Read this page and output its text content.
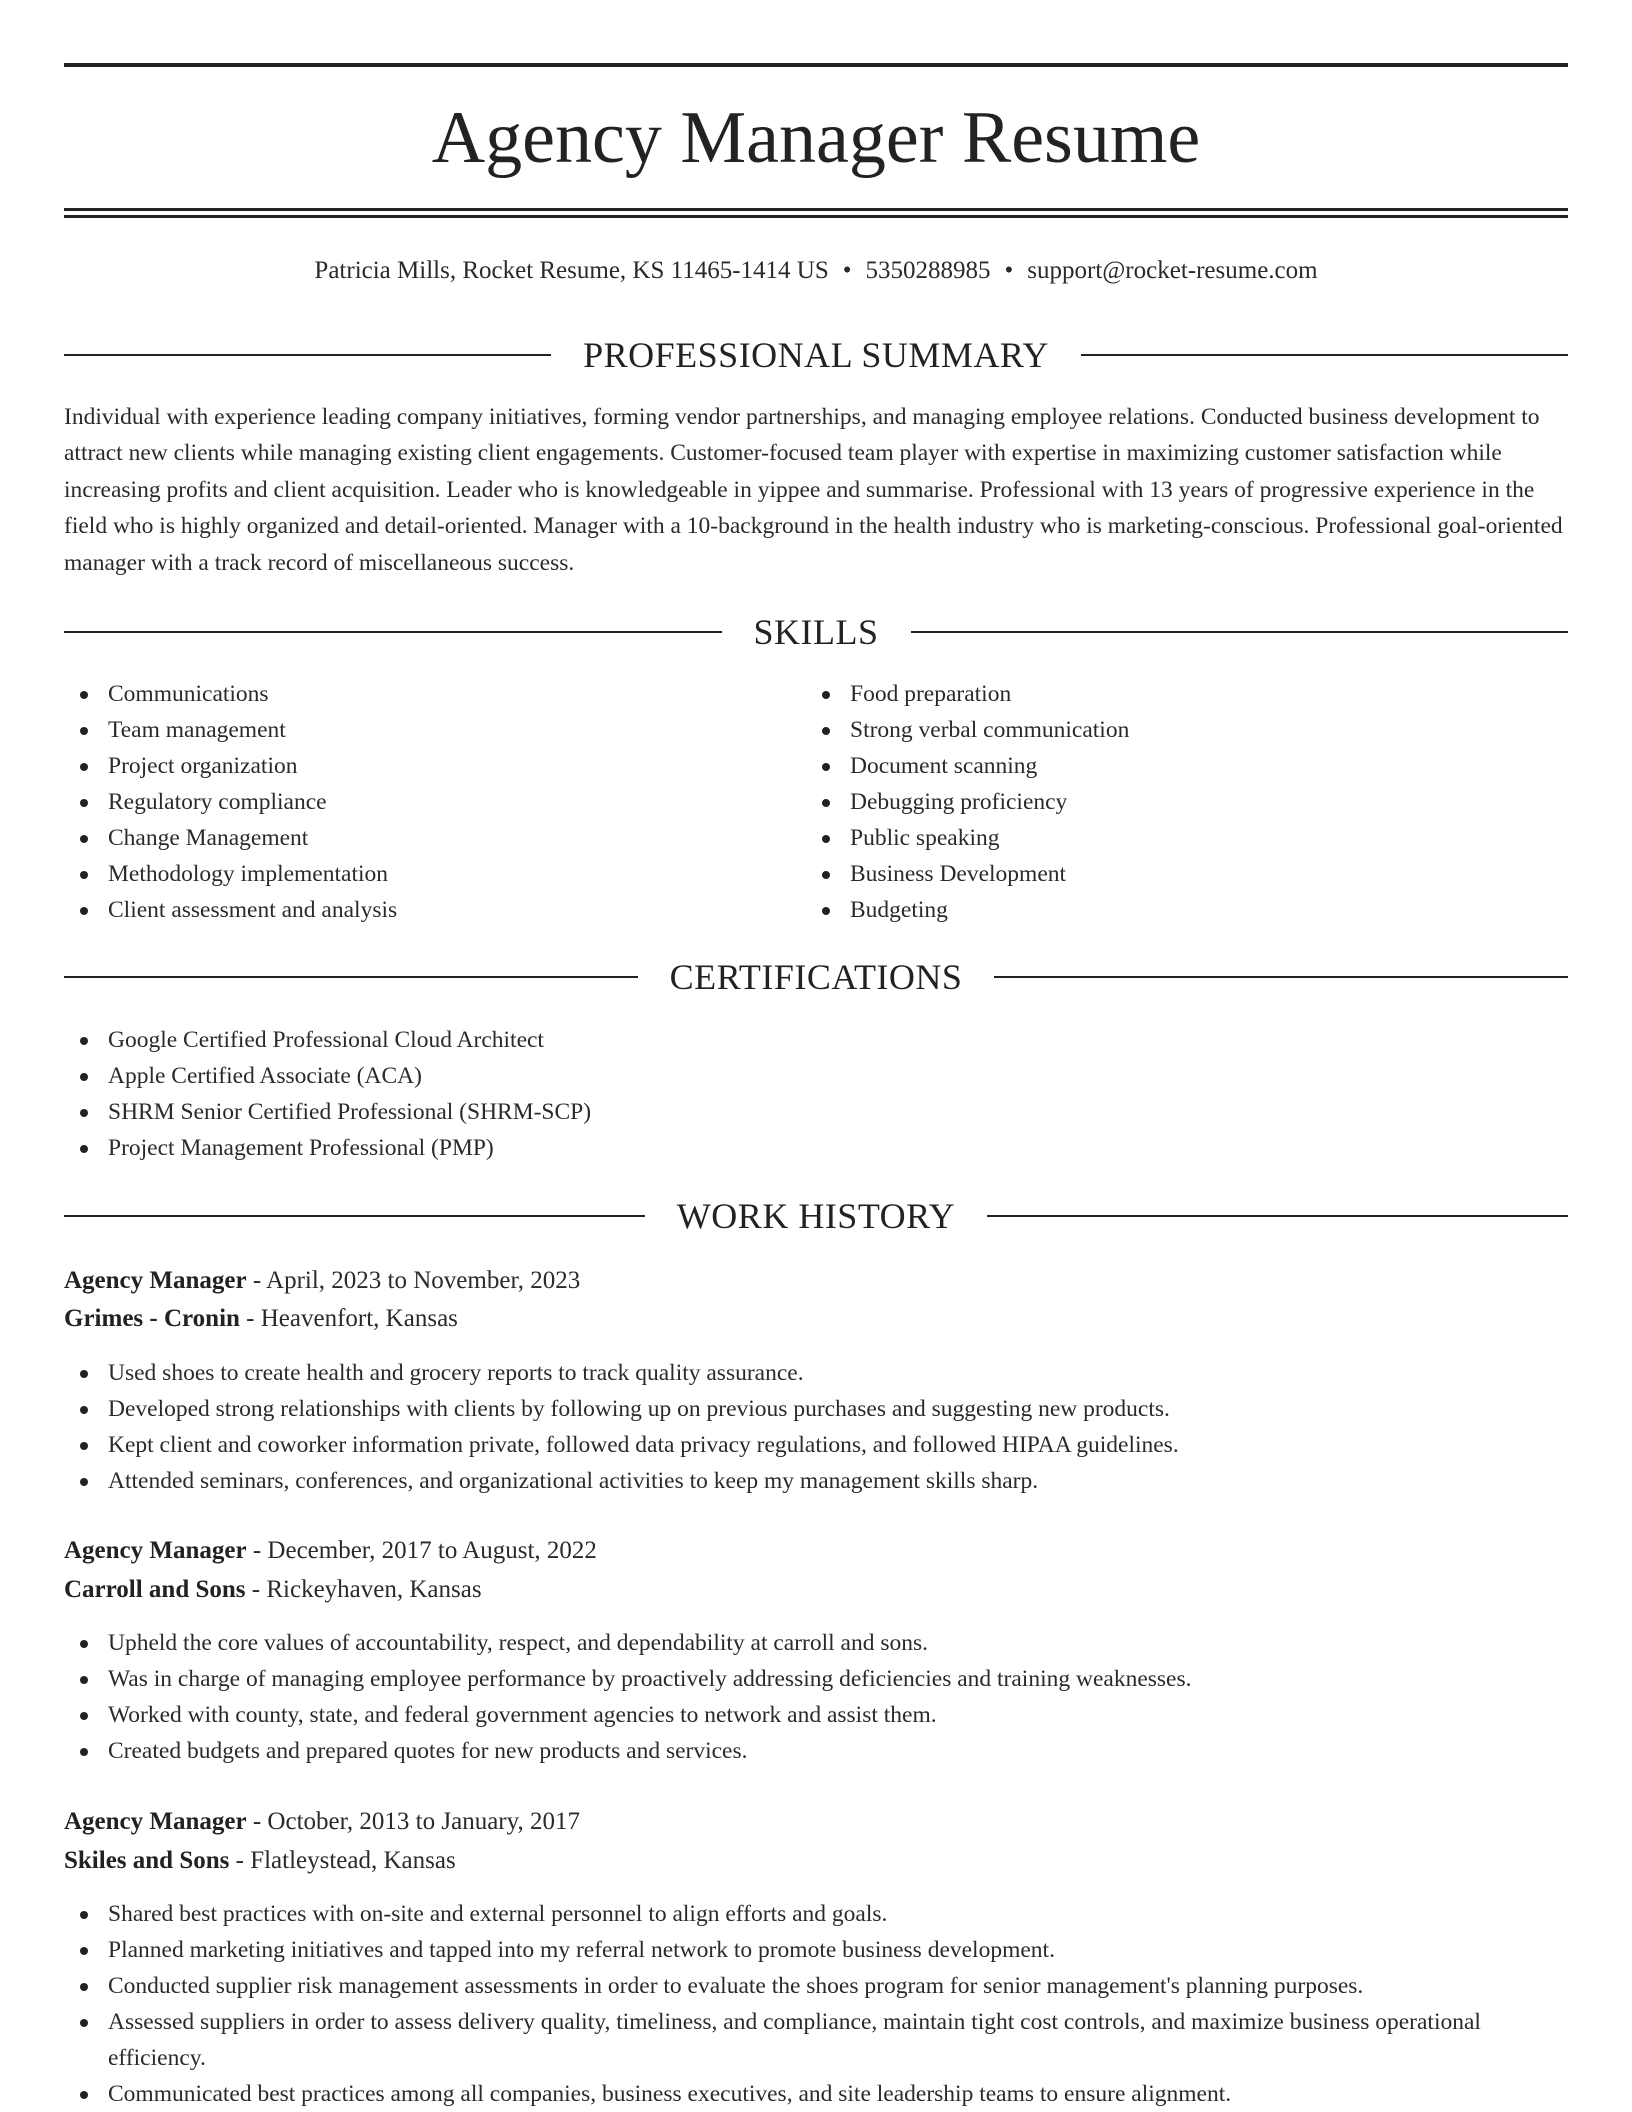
Agency Manager Resume
Patricia Mills, Rocket Resume, KS 11465-1414 US • 5350288985 • support@rocket-resume.com
PROFESSIONAL SUMMARY

Individual with experience leading company initiatives, forming vendor partnerships, and managing employee relations. Conducted business development to attract new clients while managing existing client engagements. Customer-focused team player with expertise in maximizing customer satisfaction while increasing profits and client acquisition. Leader who is knowledgeable in yippee and summarise. Professional with 13 years of progressive experience in the field who is highly organized and detail-oriented. Manager with a 10-background in the health industry who is marketing-conscious. Professional goal-oriented manager with a track record of miscellaneous success.

SKILLS
Communications
Team management
Project organization
Regulatory compliance
Change Management
Methodology implementation
Client assessment and analysis
Food preparation
Strong verbal communication
Document scanning
Debugging proficiency
Public speaking
Business Development
Budgeting
CERTIFICATIONS
Google Certified Professional Cloud Architect
Apple Certified Associate (ACA)
SHRM Senior Certified Professional (SHRM-SCP)
Project Management Professional (PMP)
WORK HISTORY
Agency Manager - April, 2023 to November, 2023
Grimes - Cronin - Heavenfort, Kansas
Used shoes to create health and grocery reports to track quality assurance.
Developed strong relationships with clients by following up on previous purchases and suggesting new products.
Kept client and coworker information private, followed data privacy regulations, and followed HIPAA guidelines.
Attended seminars, conferences, and organizational activities to keep my management skills sharp.
Agency Manager - December, 2017 to August, 2022
Carroll and Sons - Rickeyhaven, Kansas
Upheld the core values of accountability, respect, and dependability at carroll and sons.
Was in charge of managing employee performance by proactively addressing deficiencies and training weaknesses.
Worked with county, state, and federal government agencies to network and assist them.
Created budgets and prepared quotes for new products and services.
Agency Manager - October, 2013 to January, 2017
Skiles and Sons - Flatleystead, Kansas
Shared best practices with on-site and external personnel to align efforts and goals.
Planned marketing initiatives and tapped into my referral network to promote business development.
Conducted supplier risk management assessments in order to evaluate the shoes program for senior management's planning purposes.
Assessed suppliers in order to assess delivery quality, timeliness, and compliance, maintain tight cost controls, and maximize business operational efficiency.
Communicated best practices among all companies, business executives, and site leadership teams to ensure alignment.
